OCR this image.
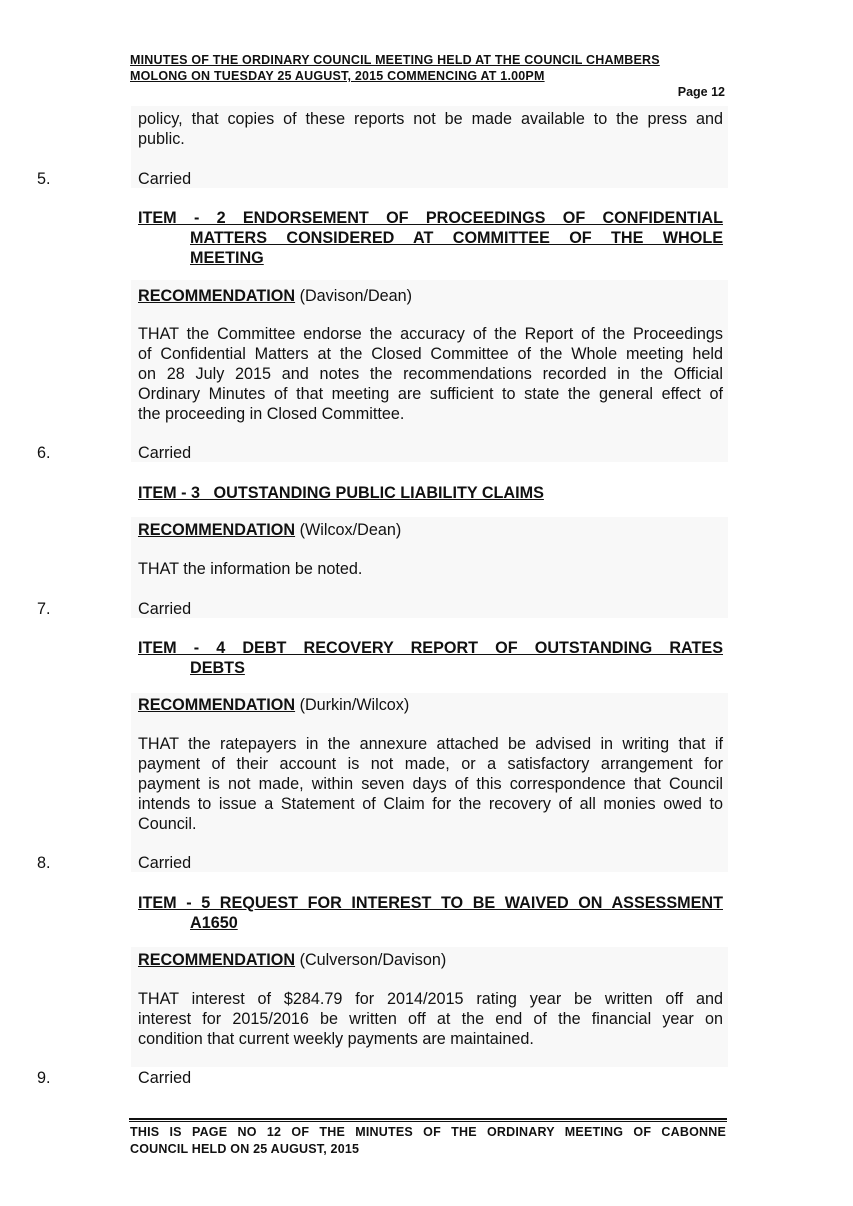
MINUTES OF THE ORDINARY COUNCIL MEETING HELD AT THE COUNCIL CHAMBERS
MOLONG ON TUESDAY 25 AUGUST, 2015 COMMENCING AT 1.00PM
Page 12
policy, that copies of these reports not be made available to the press and
public.
5.	Carried
ITEM - 2 ENDORSEMENT OF PROCEEDINGS OF CONFIDENTIAL
MATTERS CONSIDERED AT COMMITTEE OF THE WHOLE
MEETING
RECOMMENDATION (Davison/Dean)
THAT the Committee endorse the accuracy of the Report of the Proceedings
of Confidential Matters at the Closed Committee of the Whole meeting held
on 28 July 2015 and notes the recommendations recorded in the Official
Ordinary Minutes of that meeting are sufficient to state the general effect of
the proceeding in Closed Committee.
6.	Carried
ITEM - 3   OUTSTANDING PUBLIC LIABILITY CLAIMS
RECOMMENDATION (Wilcox/Dean)
THAT the information be noted.
7.	Carried
ITEM - 4 DEBT RECOVERY REPORT OF OUTSTANDING RATES
DEBTS
RECOMMENDATION (Durkin/Wilcox)
THAT the ratepayers in the annexure attached be advised in writing that if
payment of their account is not made, or a satisfactory arrangement for
payment is not made, within seven days of this correspondence that Council
intends to issue a Statement of Claim for the recovery of all monies owed to
Council.
8.	Carried
ITEM - 5 REQUEST FOR INTEREST TO BE WAIVED ON ASSESSMENT
A1650
RECOMMENDATION (Culverson/Davison)
THAT interest of $284.79 for 2014/2015 rating year be written off and
interest for 2015/2016 be written off at the end of the financial year on
condition that current weekly payments are maintained.
9.	Carried
THIS IS PAGE NO 12 OF THE MINUTES OF THE ORDINARY MEETING OF CABONNE
COUNCIL HELD ON 25 AUGUST, 2015
